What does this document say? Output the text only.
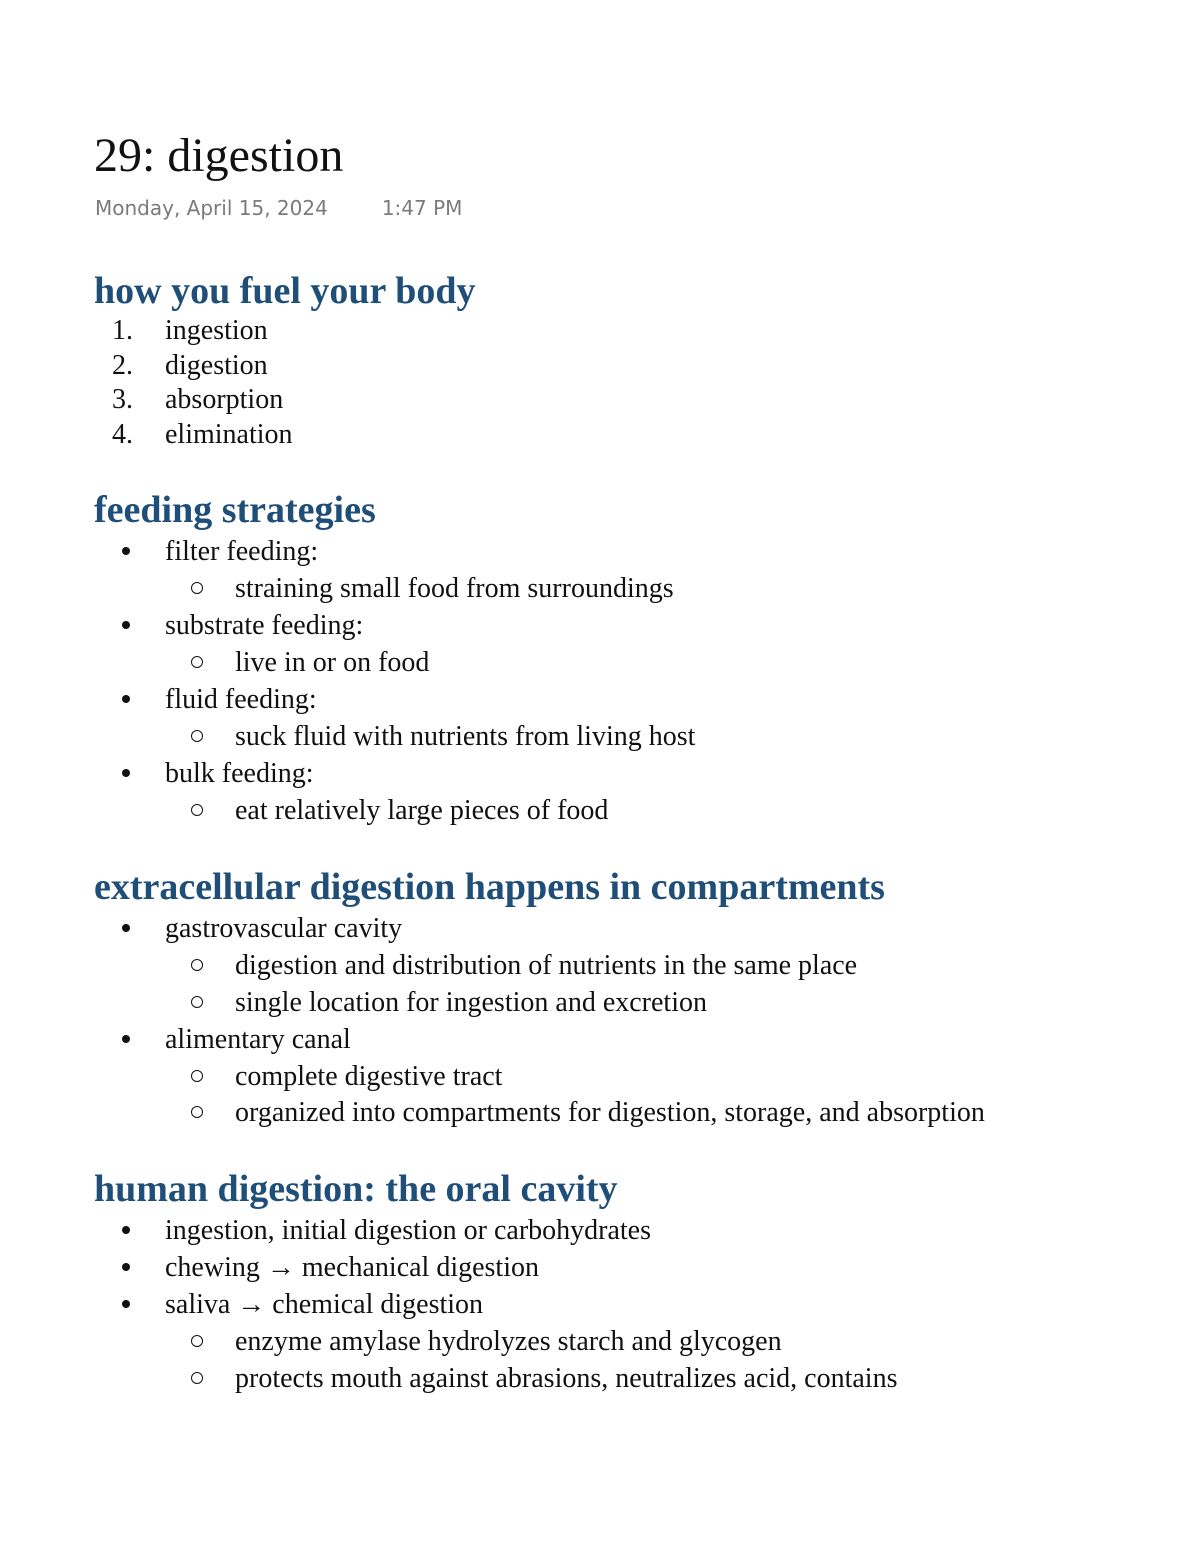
29: digestion
Monday, April 15, 2024	1:47 PM
how you fuel your body
1. ingestion
2. digestion
3. absorption
4. elimination
feeding strategies
filter feeding:
straining small food from surroundings
substrate feeding:
live in or on food
fluid feeding:
suck fluid with nutrients from living host
bulk feeding:
eat relatively large pieces of food
extracellular digestion happens in compartments
gastrovascular cavity
digestion and distribution of nutrients in the same place
single location for ingestion and excretion
alimentary canal
complete digestive tract
organized into compartments for digestion, storage, and absorption
human digestion: the oral cavity
ingestion, initial digestion or carbohydrates
chewing → mechanical digestion
saliva → chemical digestion
enzyme amylase hydrolyzes starch and glycogen
protects mouth against abrasions, neutralizes acid, contains
